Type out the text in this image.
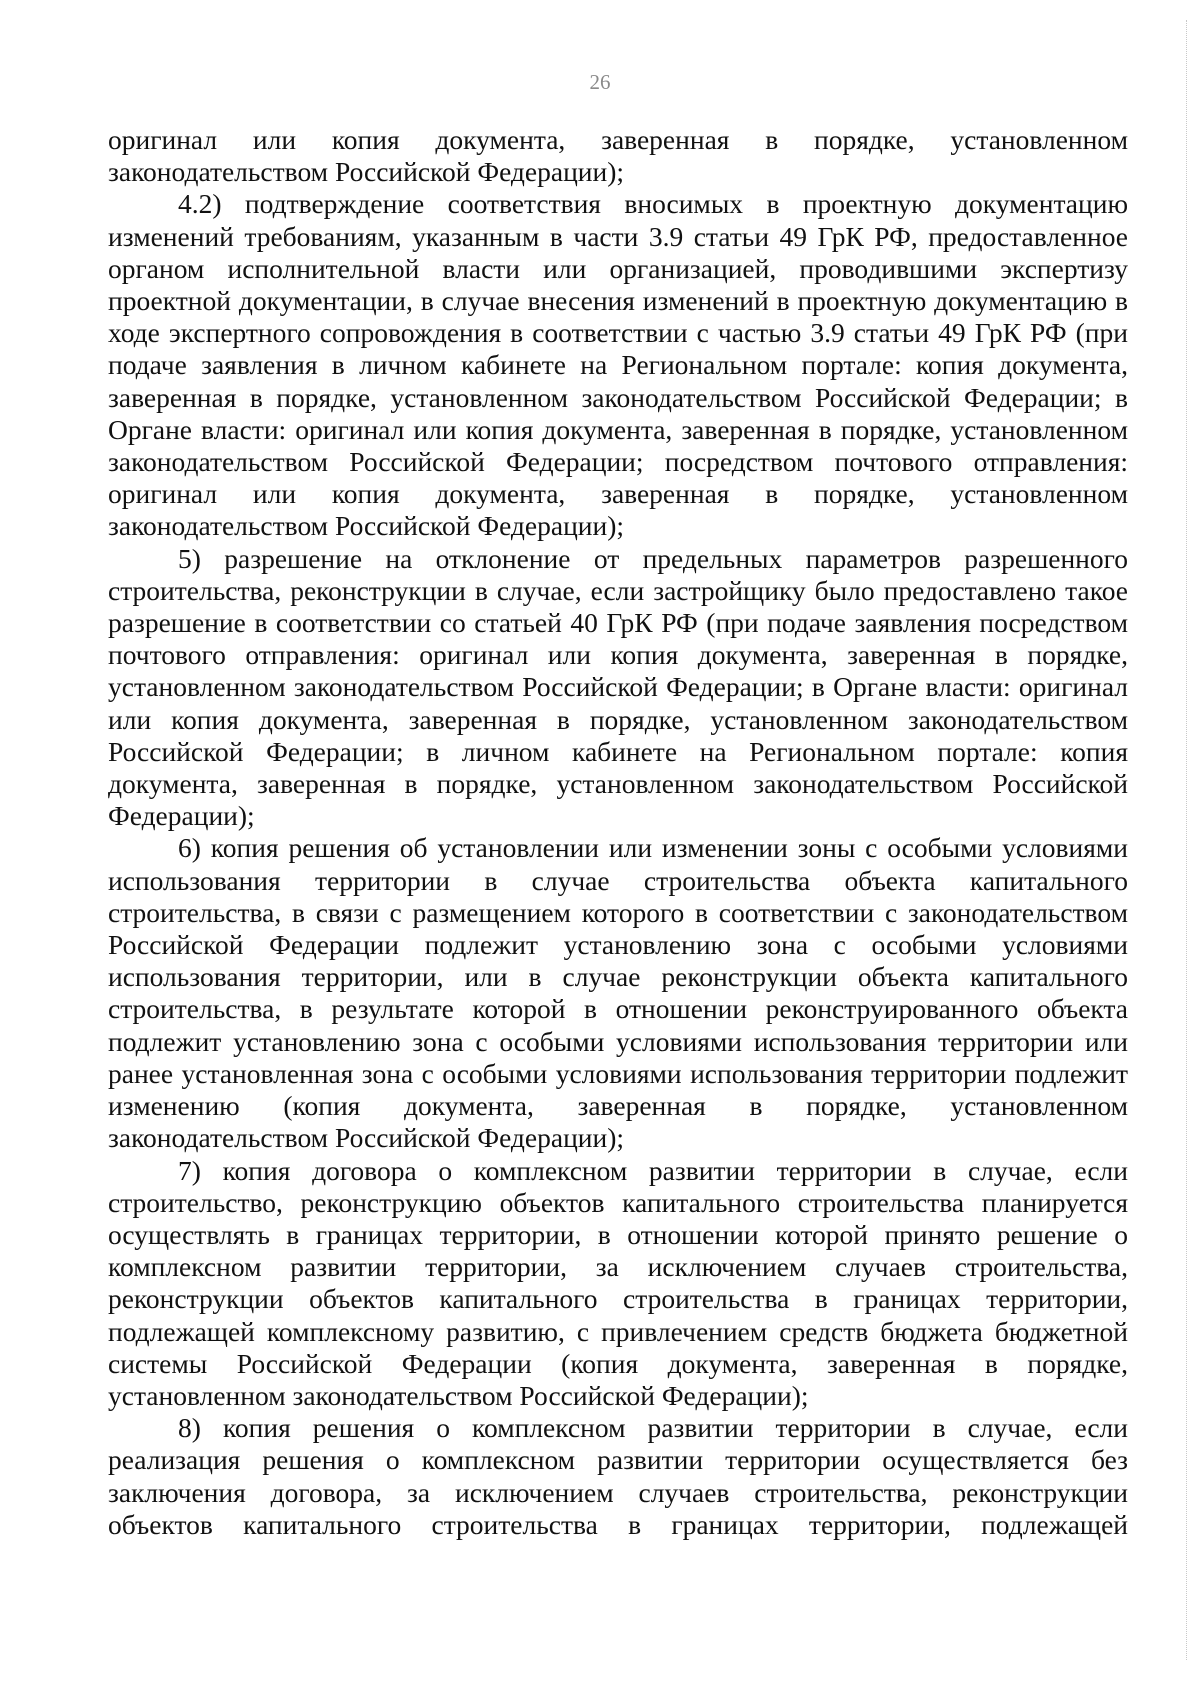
26

оригинал или копия документа, заверенная в порядке, установленном законодательством Российской Федерации);

4.2) подтверждение соответствия вносимых в проектную документацию изменений требованиям, указанным в части 3.9 статьи 49 ГрК РФ, предоставленное органом исполнительной власти или организацией, проводившими экспертизу проектной документации, в случае внесения изменений в проектную документацию в ходе экспертного сопровождения в соответствии с частью 3.9 статьи 49 ГрК РФ (при подаче заявления в личном кабинете на Региональном портале: копия документа, заверенная в порядке, установленном законодательством Российской Федерации; в Органе власти: оригинал или копия документа, заверенная в порядке, установленном законодательством Российской Федерации; посредством почтового отправления: оригинал или копия документа, заверенная в порядке, установленном законодательством Российской Федерации);

5) разрешение на отклонение от предельных параметров разрешенного строительства, реконструкции в случае, если застройщику было предоставлено такое разрешение в соответствии со статьей 40 ГрК РФ (при подаче заявления посредством почтового отправления: оригинал или копия документа, заверенная в порядке, установленном законодательством Российской Федерации; в Органе власти: оригинал или копия документа, заверенная в порядке, установленном законодательством Российской Федерации; в личном кабинете на Региональном портале: копия документа, заверенная в порядке, установленном законодательством Российской Федерации);

6) копия решения об установлении или изменении зоны с особыми условиями использования территории в случае строительства объекта капитального строительства, в связи с размещением которого в соответствии с законодательством Российской Федерации подлежит установлению зона с особыми условиями использования территории, или в случае реконструкции объекта капитального строительства, в результате которой в отношении реконструированного объекта подлежит установлению зона с особыми условиями использования территории или ранее установленная зона с особыми условиями использования территории подлежит изменению (копия документа, заверенная в порядке, установленном законодательством Российской Федерации);

7) копия договора о комплексном развитии территории в случае, если строительство, реконструкцию объектов капитального строительства планируется осуществлять в границах территории, в отношении которой принято решение о комплексном развитии территории, за исключением случаев строительства, реконструкции объектов капитального строительства в границах территории, подлежащей комплексному развитию, с привлечением средств бюджета бюджетной системы Российской Федерации (копия документа, заверенная в порядке, установленном законодательством Российской Федерации);

8) копия решения о комплексном развитии территории в случае, если реализация решения о комплексном развитии территории осуществляется без заключения договора, за исключением случаев строительства, реконструкции объектов капитального строительства в границах территории, подлежащей
